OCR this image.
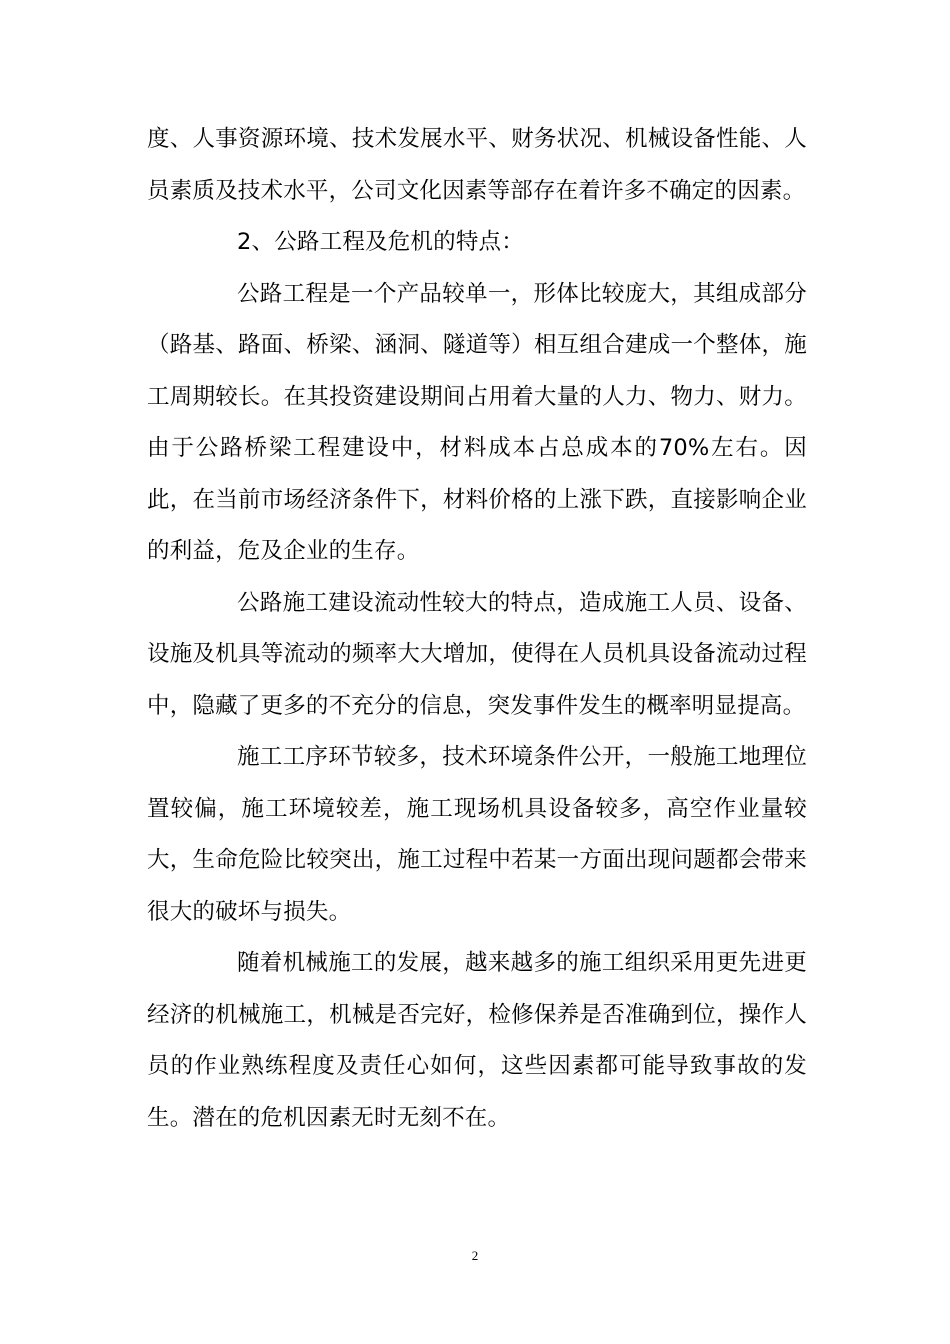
度、人事资源环境、技术发展水平、财务状况、机械设备性能、人员素质及技术水平，公司文化因素等部存在着许多不确定的因素。

2、公路工程及危机的特点：

公路工程是一个产品较单一，形体比较庞大，其组成部分（路基、路面、桥梁、涵洞、隧道等）相互组合建成一个整体，施工周期较长。在其投资建设期间占用着大量的人力、物力、财力。由于公路桥梁工程建设中，材料成本占总成本的70%左右。因此，在当前市场经济条件下，材料价格的上涨下跌，直接影响企业的利益，危及企业的生存。

公路施工建设流动性较大的特点，造成施工人员、设备、设施及机具等流动的频率大大增加，使得在人员机具设备流动过程中，隐藏了更多的不充分的信息，突发事件发生的概率明显提高。

施工工序环节较多，技术环境条件公开，一般施工地理位置较偏，施工环境较差，施工现场机具设备较多，高空作业量较大，生命危险比较突出，施工过程中若某一方面出现问题都会带来很大的破坏与损失。

随着机械施工的发展，越来越多的施工组织采用更先进更经济的机械施工，机械是否完好，检修保养是否准确到位，操作人员的作业熟练程度及责任心如何，这些因素都可能导致事故的发生。潜在的危机因素无时无刻不在。

2
